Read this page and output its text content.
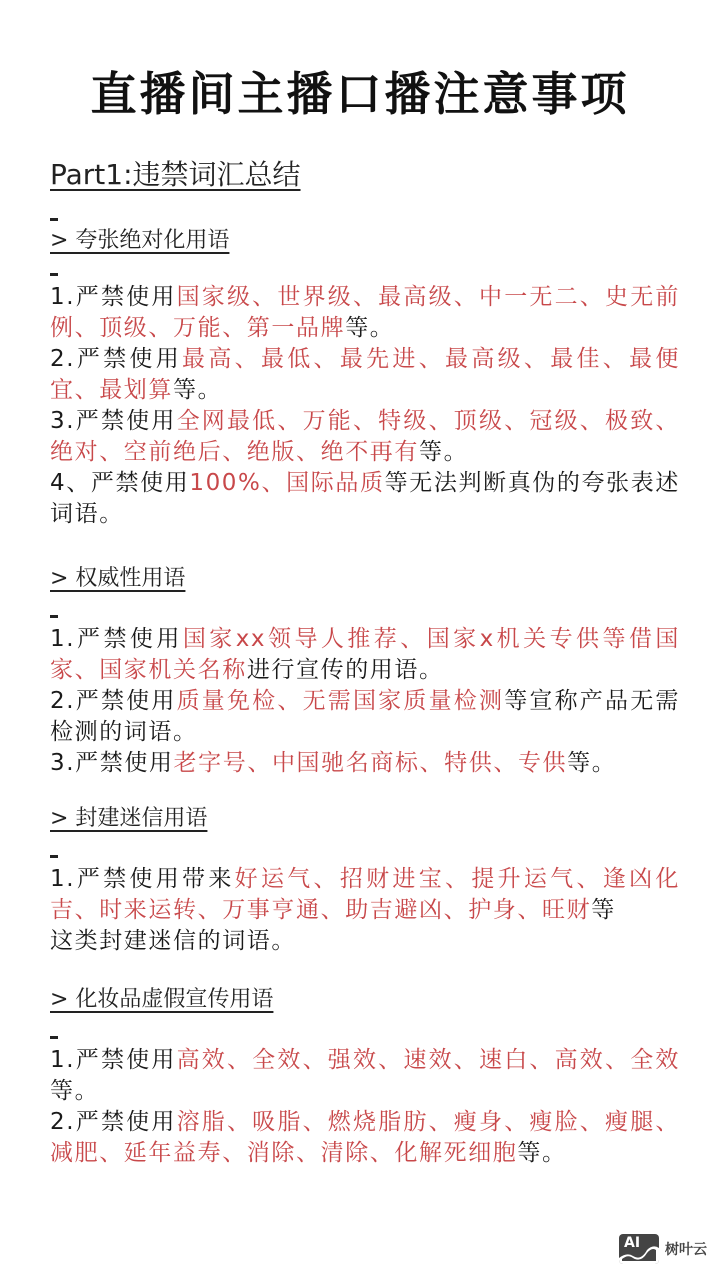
直播间主播口播注意事项
Part1:违禁词汇总结
> 夸张绝对化用语
1.严禁使用国家级、世界级、最高级、中一无二、史无前例、顶级、万能、第一品牌等。
2.严禁使用最高、最低、最先进、最高级、最佳、最便宜、最划算等。
3.严禁使用全网最低、万能、特级、顶级、冠级、极致、绝对、空前绝后、绝版、绝不再有等。
4、严禁使用100%、国际品质等无法判断真伪的夸张表述词语。
> 权威性用语
1.严禁使用国家xx领导人推荐、国家x机关专供等借国家、国家机关名称进行宣传的用语。
2.严禁使用质量免检、无需国家质量检测等宣称产品无需检测的词语。
3.严禁使用老字号、中国驰名商标、特供、专供等。
> 封建迷信用语
1.严禁使用带来好运气、招财进宝、提升运气、逢凶化吉、时来运转、万事亨通、助吉避凶、护身、旺财等
这类封建迷信的词语。
> 化妆品虚假宣传用语
1.严禁使用高效、全效、强效、速效、速白、高效、全效等。
2.严禁使用溶脂、吸脂、燃烧脂肪、瘦身、瘦脸、瘦腿、减肥、延年益寿、消除、清除、化解死细胞等。
AI 树叶云
